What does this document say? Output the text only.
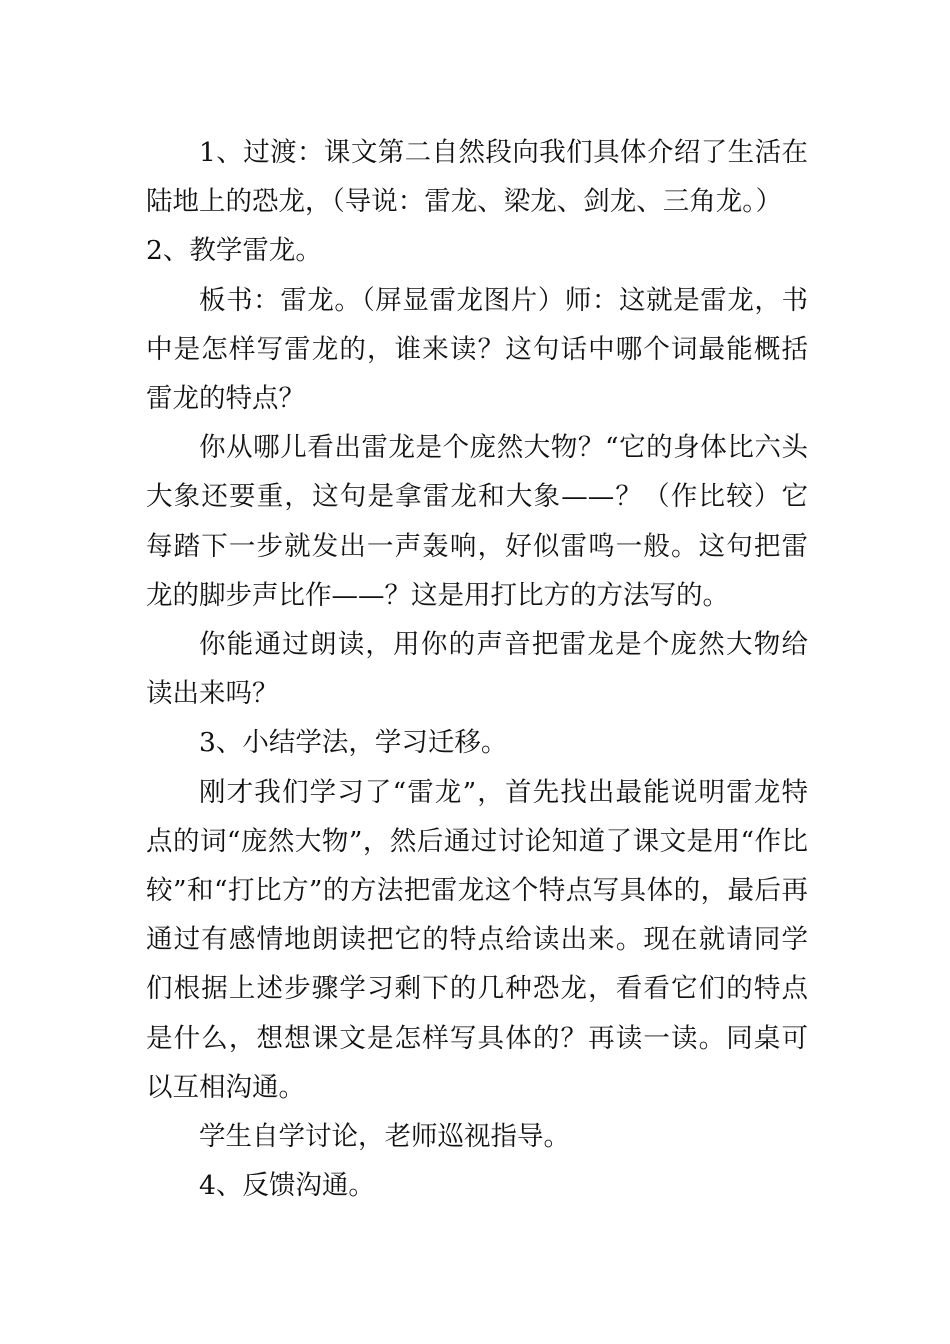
1、过渡：课文第二自然段向我们具体介绍了生活在陆地上的恐龙，（导说：雷龙、梁龙、剑龙、三角龙。）

2、教学雷龙。

板书：雷龙。（屏显雷龙图片）师：这就是雷龙，书中是怎样写雷龙的，谁来读？这句话中哪个词最能概括雷龙的特点？

你从哪儿看出雷龙是个庞然大物？“它的身体比六头大象还要重，这句是拿雷龙和大象——？（作比较）它每踏下一步就发出一声轰响，好似雷鸣一般。这句把雷龙的脚步声比作——？这是用打比方的方法写的。

你能通过朗读，用你的声音把雷龙是个庞然大物给读出来吗？

3、小结学法，学习迁移。

刚才我们学习了“雷龙”，首先找出最能说明雷龙特点的词“庞然大物”，然后通过讨论知道了课文是用“作比较”和“打比方”的方法把雷龙这个特点写具体的，最后再通过有感情地朗读把它的特点给读出来。现在就请同学们根据上述步骤学习剩下的几种恐龙，看看它们的特点是什么，想想课文是怎样写具体的？再读一读。同桌可以互相沟通。

学生自学讨论，老师巡视指导。

4、反馈沟通。
